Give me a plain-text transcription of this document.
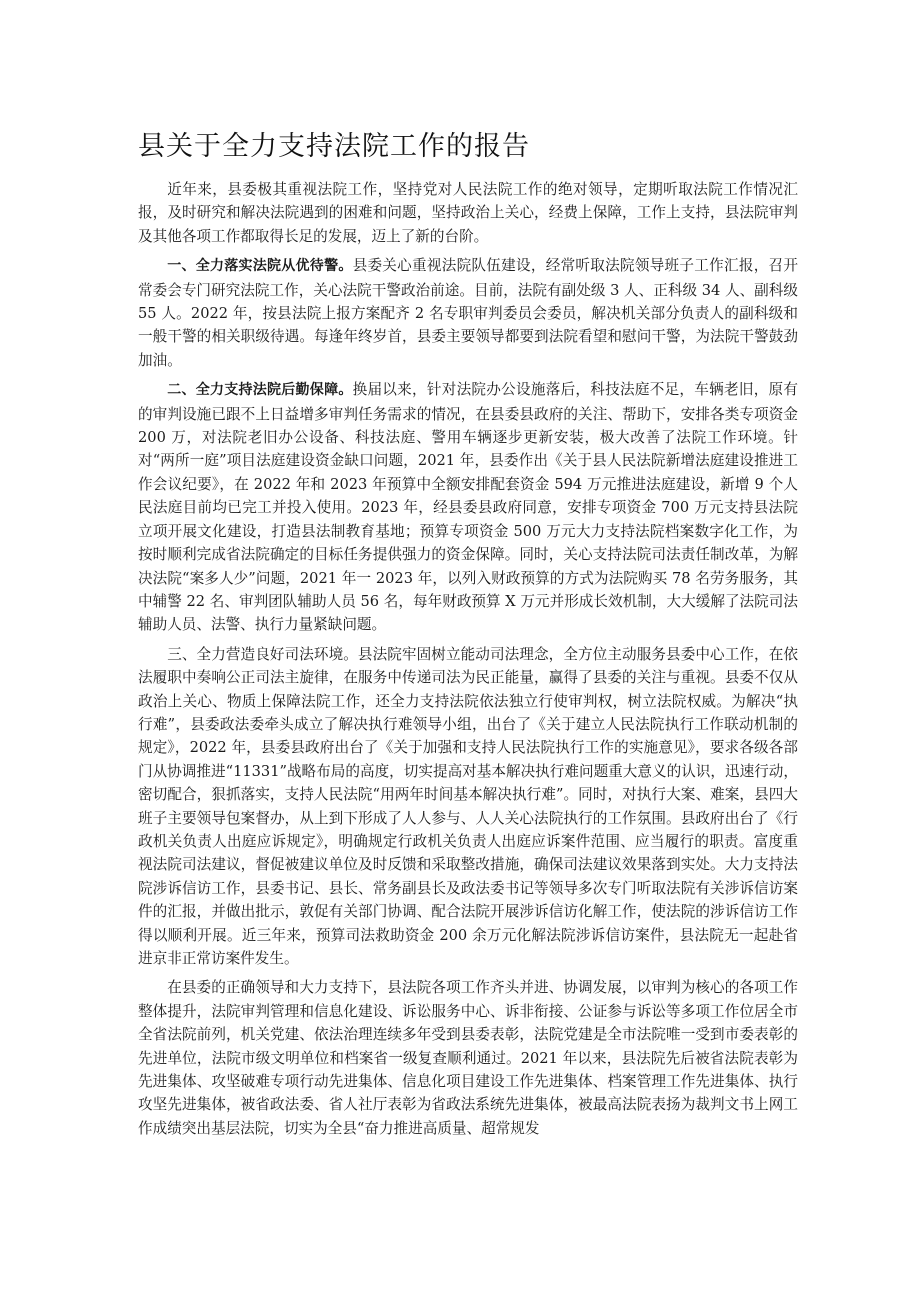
县关于全力支持法院工作的报告

近年来，县委极其重视法院工作，坚持党对人民法院工作的绝对领导，定期听取法院工作情况汇报，及时研究和解决法院遇到的困难和问题，坚持政治上关心，经费上保障，工作上支持，县法院审判及其他各项工作都取得长足的发展，迈上了新的台阶。

一、全力落实法院从优待警。县委关心重视法院队伍建设，经常听取法院领导班子工作汇报，召开常委会专门研究法院工作，关心法院干警政治前途。目前，法院有副处级 3 人、正科级 34 人、副科级 55 人。2022 年，按县法院上报方案配齐 2 名专职审判委员会委员，解决机关部分负责人的副科级和一般干警的相关职级待遇。每逢年终岁首，县委主要领导都要到法院看望和慰问干警，为法院干警鼓劲加油。

二、全力支持法院后勤保障。换届以来，针对法院办公设施落后，科技法庭不足，车辆老旧，原有的审判设施已跟不上日益增多审判任务需求的情况，在县委县政府的关注、帮助下，安排各类专项资金 200 万，对法院老旧办公设备、科技法庭、警用车辆逐步更新安装，极大改善了法院工作环境。针对“两所一庭”项目法庭建设资金缺口问题，2021 年，县委作出《关于县人民法院新增法庭建设推进工作会议纪要》，在 2022 年和 2023 年预算中全额安排配套资金 594 万元推进法庭建设，新增 9 个人民法庭目前均已完工并投入使用。2023 年，经县委县政府同意，安排专项资金 700 万元支持县法院立项开展文化建设，打造县法制教育基地；预算专项资金 500 万元大力支持法院档案数字化工作，为按时顺利完成省法院确定的目标任务提供强力的资金保障。同时，关心支持法院司法责任制改革，为解决法院“案多人少”问题，2021 年一 2023 年，以列入财政预算的方式为法院购买 78 名劳务服务，其中辅警 22 名、审判团队辅助人员 56 名，每年财政预算 X 万元并形成长效机制，大大缓解了法院司法辅助人员、法警、执行力量紧缺问题。

三、全力营造良好司法环境。县法院牢固树立能动司法理念，全方位主动服务县委中心工作，在依法履职中奏响公正司法主旋律，在服务中传递司法为民正能量，赢得了县委的关注与重视。县委不仅从政治上关心、物质上保障法院工作，还全力支持法院依法独立行使审判权，树立法院权威。为解决“执行难”，县委政法委牵头成立了解决执行难领导小组，出台了《关于建立人民法院执行工作联动机制的规定》，2022 年，县委县政府出台了《关于加强和支持人民法院执行工作的实施意见》，要求各级各部门从协调推进“11331”战略布局的高度，切实提高对基本解决执行难问题重大意义的认识，迅速行动，密切配合，狠抓落实，支持人民法院“用两年时间基本解决执行难”。同时，对执行大案、难案，县四大班子主要领导包案督办，从上到下形成了人人参与、人人关心法院执行的工作氛围。县政府出台了《行政机关负责人出庭应诉规定》，明确规定行政机关负责人出庭应诉案件范围、应当履行的职责。富度重视法院司法建议，督促被建议单位及时反馈和采取整改措施，确保司法建议效果落到实处。大力支持法院涉诉信访工作，县委书记、县长、常务副县长及政法委书记等领导多次专门听取法院有关涉诉信访案件的汇报，并做出批示，敦促有关部门协调、配合法院开展涉诉信访化解工作，使法院的涉诉信访工作得以顺利开展。近三年来，预算司法救助资金 200 余万元化解法院涉诉信访案件，县法院无一起赴省进京非正常访案件发生。

在县委的正确领导和大力支持下，县法院各项工作齐头并进、协调发展，以审判为核心的各项工作整体提升，法院审判管理和信息化建设、诉讼服务中心、诉非衔接、公证参与诉讼等多项工作位居全市全省法院前列，机关党建、依法治理连续多年受到县委表彰，法院党建是全市法院唯一受到市委表彰的先进单位，法院市级文明单位和档案省一级复查顺利通过。2021 年以来，县法院先后被省法院表彰为先进集体、攻坚破难专项行动先进集体、信息化项目建设工作先进集体、档案管理工作先进集体、执行攻坚先进集体，被省政法委、省人社厅表彰为省政法系统先进集体，被最高法院表扬为裁判文书上网工作成绩突出基层法院，切实为全县“奋力推进高质量、超常规发
